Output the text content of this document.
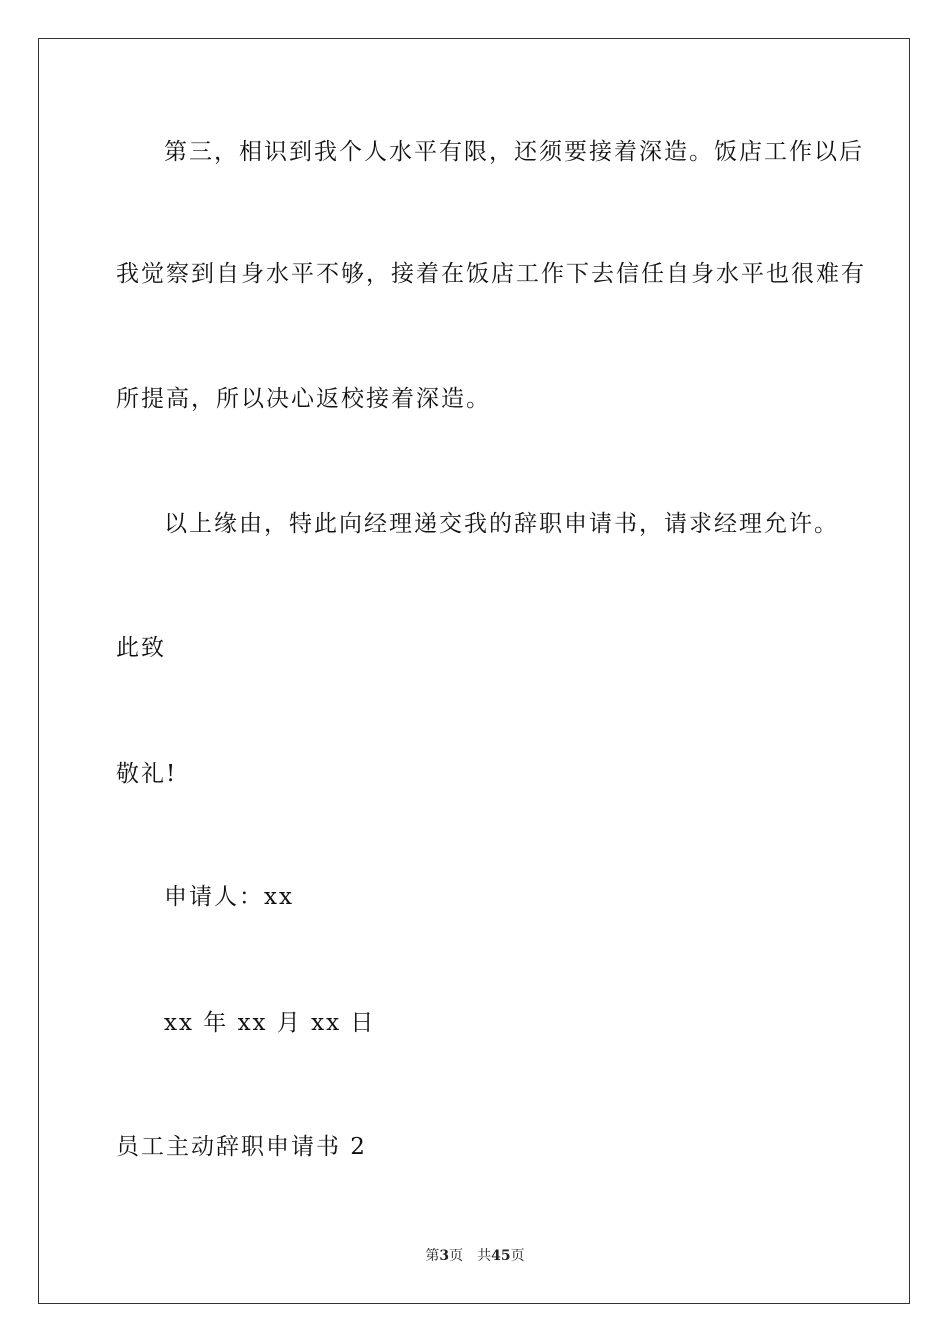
第三，相识到我个人水平有限，还须要接着深造。饭店工作以后
我觉察到自身水平不够，接着在饭店工作下去信任自身水平也很难有
所提高，所以决心返校接着深造。
以上缘由，特此向经理递交我的辞职申请书，请求经理允许。
此致
敬礼!
申请人：xx
xx 年 xx 月 xx 日
员工主动辞职申请书 2
第3页 共45页
